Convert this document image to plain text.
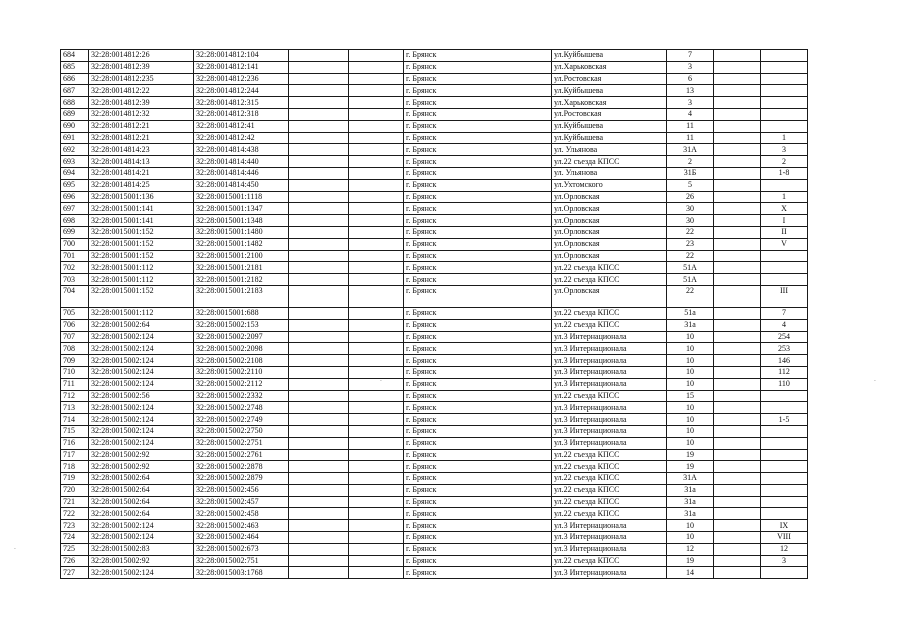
684	32:28:0014812:26	32:28:0014812:104			г. Брянск	ул.Куйбышева	7		
685	32:28:0014812:39	32:28:0014812:141			г. Брянск	ул.Харьковская	3		
686	32:28:0014812:235	32:28:0014812:236			г. Брянск	ул.Ростовская	6		
687	32:28:0014812:22	32:28:0014812:244			г. Брянск	ул.Куйбышева	13		
688	32:28:0014812:39	32:28:0014812:315			г. Брянск	ул.Харьковская	3		
689	32:28:0014812:32	32:28:0014812:318			г. Брянск	ул.Ростовская	4		
690	32:28:0014812:21	32:28:0014812:41			г. Брянск	ул.Куйбышева	11		
691	32:28:0014812:21	32:28:0014812:42			г. Брянск	ул.Куйбышева	11		1
692	32:28:0014814:23	32:28:0014814:438			г. Брянск	ул. Ульянова	31А		3
693	32:28:0014814:13	32:28:0014814:440			г. Брянск	ул.22 съезда КПСС	2		2
694	32:28:0014814:21	32:28:0014814:446			г. Брянск	ул. Ульянова	31Б		1-8
695	32:28:0014814:25	32:28:0014814:450			г. Брянск	ул.Ухтомского	5		
696	32:28:0015001:136	32:28:0015001:1118			г. Брянск	ул.Орловская	26		1
697	32:28:0015001:141	32:28:0015001:1347			г. Брянск	ул.Орловская	30		X
698	32:28:0015001:141	32:28:0015001:1348			г. Брянск	ул.Орловская	30		I
699	32:28:0015001:152	32:28:0015001:1480			г. Брянск	ул.Орловская	22		II
700	32:28:0015001:152	32:28:0015001:1482			г. Брянск	ул.Орловская	23		V
701	32:28:0015001:152	32:28:0015001:2100			г. Брянск	ул.Орловская	22		
702	32:28:0015001:112	32:28:0015001:2181			г. Брянск	ул.22 съезда КПСС	51А		
703	32:28:0015001:112	32:28:0015001:2182			г. Брянск	ул.22 съезда КПСС	51А		
704	32:28:0015001:152	32:28:0015001:2183			г. Брянск	ул.Орловская	22		III
705	32:28:0015001:112	32:28:0015001:688			г. Брянск	ул.22 съезда КПСС	51а		7
706	32:28:0015002:64	32:28:0015002:153			г. Брянск	ул.22 съезда КПСС	31а		4
707	32:28:0015002:124	32:28:0015002:2097			г. Брянск	ул.3 Интернационала	10		254
708	32:28:0015002:124	32:28:0015002:2098			г. Брянск	ул.3 Интернационала	10		253
709	32:28:0015002:124	32:28:0015002:2108			г. Брянск	ул.3 Интернационала	10		146
710	32:28:0015002:124	32:28:0015002:2110			г. Брянск	ул.3 Интернационала	10		112
711	32:28:0015002:124	32:28:0015002:2112			г. Брянск	ул.3 Интернационала	10		110
712	32:28:0015002:56	32:28:0015002:2332			г. Брянск	ул.22 съезда КПСС	15		
713	32:28:0015002:124	32:28:0015002:2748			г. Брянск	ул.3 Интернационала	10		
714	32:28:0015002:124	32:28:0015002:2749			г. Брянск	ул.3 Интернационала	10		1-5
715	32:28:0015002:124	32:28:0015002:2750			г. Брянск	ул.3 Интернационала	10		
716	32:28:0015002:124	32:28:0015002:2751			г. Брянск	ул.3 Интернационала	10		
717	32:28:0015002:92	32:28:0015002:2761			г. Брянск	ул.22 съезда КПСС	19		
718	32:28:0015002:92	32:28:0015002:2878			г. Брянск	ул.22 съезда КПСС	19		
719	32:28:0015002:64	32:28:0015002:2879			г. Брянск	ул.22 съезда КПСС	31А		
720	32:28:0015002:64	32:28:0015002:456			г. Брянск	ул.22 съезда КПСС	31а		
721	32:28:0015002:64	32:28:0015002:457			г. Брянск	ул.22 съезда КПСС	31а		
722	32:28:0015002:64	32:28:0015002:458			г. Брянск	ул.22 съезда КПСС	31а		
723	32:28:0015002:124	32:28:0015002:463			г. Брянск	ул.3 Интернационала	10		IX
724	32:28:0015002:124	32:28:0015002:464			г. Брянск	ул.3 Интернационала	10		VIII
725	32:28:0015002:83	32:28:0015002:673			г. Брянск	ул.3 Интернационала	12		12
726	32:28:0015002:92	32:28:0015002:751			г. Брянск	ул.22 съезда КПСС	19		3
727	32:28:0015002:124	32:28:0015003:1768			г. Брянск	ул.3 Интернационала	14		
·	·
·
